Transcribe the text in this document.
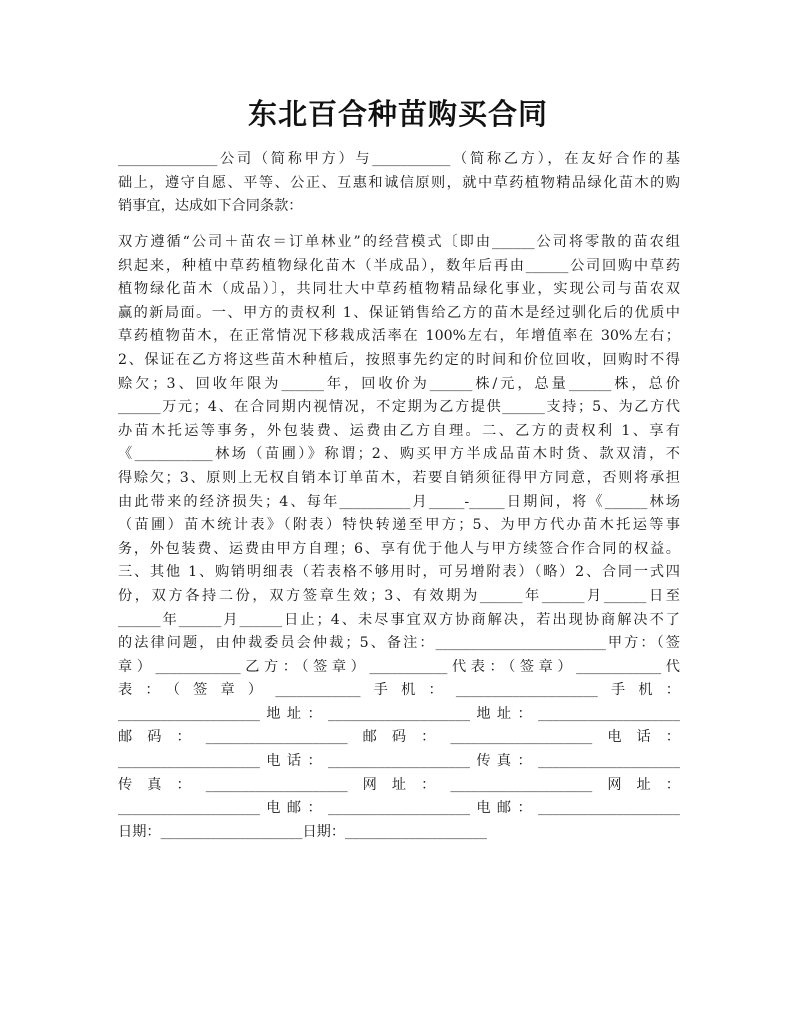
东北百合种苗购买合同
______________公司（简称甲方）与___________（简称乙方），在友好合作的基
础上，遵守自愿、平等、公正、互惠和诚信原则，就中草药植物精品绿化苗木的购
销事宜，达成如下合同条款：
双方遵循“公司＋苗农＝订单林业”的经营模式〔即由______公司将零散的苗农组
织起来，种植中草药植物绿化苗木（半成品），数年后再由______公司回购中草药
植物绿化苗木（成品）〕，共同壮大中草药植物精品绿化事业，实现公司与苗农双
赢的新局面。一、甲方的责权利 1、保证销售给乙方的苗木是经过驯化后的优质中
草药植物苗木，在正常情况下移栽成活率在 100%左右，年增值率在 30%左右；
2、保证在乙方将这些苗木种植后，按照事先约定的时间和价位回收，回购时不得
赊欠；3、回收年限为______年，回收价为______株/元，总量______株，总价
______万元；4、在合同期内视情况，不定期为乙方提供______支持；5、为乙方代
办苗木托运等事务，外包装费、运费由乙方自理。二、乙方的责权利 1、享有
《___________林场（苗圃）》称谓；2、购买甲方半成品苗木时货、款双清，不
得赊欠；3、原则上无权自销本订单苗木，若要自销须征得甲方同意，否则将承担
由此带来的经济损失；4、每年__________月_____-_____日期间，将《______林场
（苗圃）苗木统计表》（附表）特快转递至甲方；5、为甲方代办苗木托运等事
务，外包装费、运费由甲方自理；6、享有优于他人与甲方续签合作合同的权益。
三、其他 1、购销明细表（若表格不够用时，可另增附表）（略）2、合同一式四
份，双方各持二份，双方签章生效；3、有效期为______年______月______日至
______年______月______日止；4、未尽事宜双方协商解决，若出现协商解决不了
的法律问题，由仲裁委员会仲裁；5、备注：________________________甲方：（签
章）____________乙方：（签章）___________代表：（签章）____________代
表：（签章）____________手机：____________________手机：
____________________地址：____________________地址：____________________
邮码：____________________邮码：____________________电话：
____________________电话：____________________传真：____________________
传真：____________________网址：____________________网址：
____________________电邮：____________________电邮：____________________
日期：____________________日期：____________________
